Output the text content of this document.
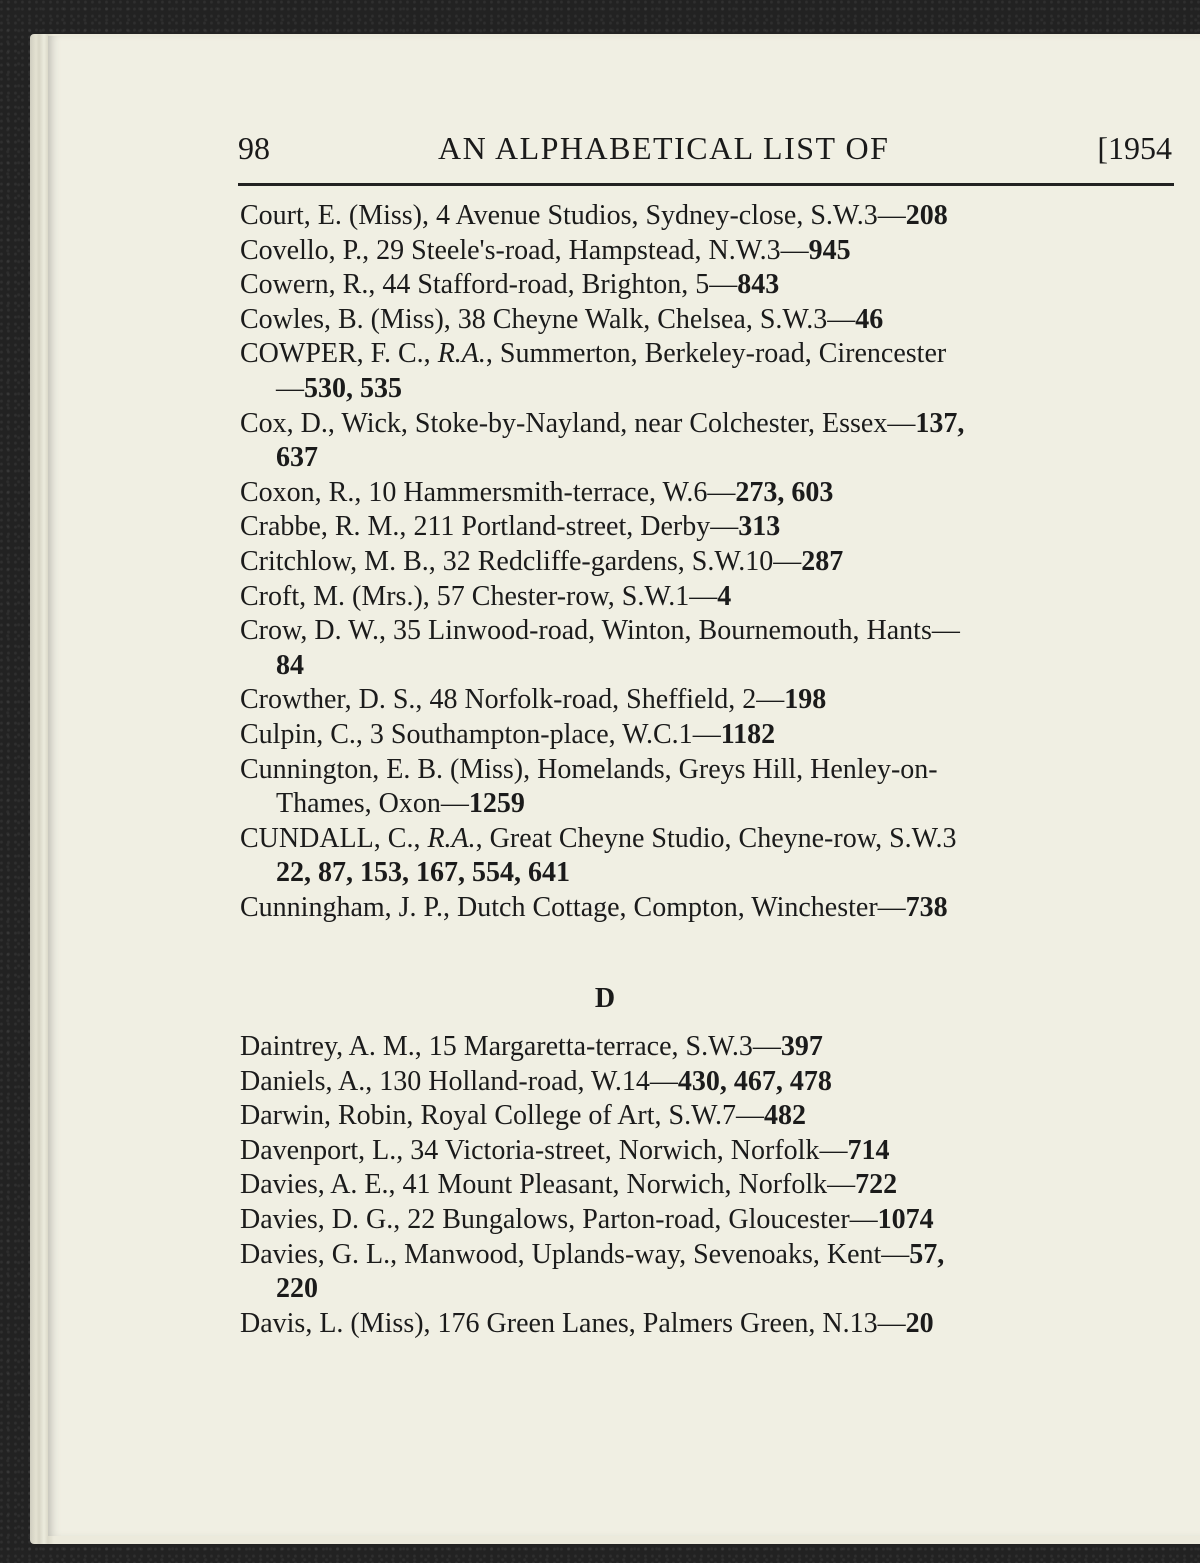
98	AN ALPHABETICAL LIST OF	[1954
Court, E. (Miss), 4 Avenue Studios, Sydney-close, S.W.3—208
Covello, P., 29 Steele's-road, Hampstead, N.W.3—945
Cowern, R., 44 Stafford-road, Brighton, 5—843
Cowles, B. (Miss), 38 Cheyne Walk, Chelsea, S.W.3—46
COWPER, F. C., R.A., Summerton, Berkeley-road, Cirencester
—530, 535
Cox, D., Wick, Stoke-by-Nayland, near Colchester, Essex—137,
637
Coxon, R., 10 Hammersmith-terrace, W.6—273, 603
Crabbe, R. M., 211 Portland-street, Derby—313
Critchlow, M. B., 32 Redcliffe-gardens, S.W.10—287
Croft, M. (Mrs.), 57 Chester-row, S.W.1—4
Crow, D. W., 35 Linwood-road, Winton, Bournemouth, Hants—
84
Crowther, D. S., 48 Norfolk-road, Sheffield, 2—198
Culpin, C., 3 Southampton-place, W.C.1—1182
Cunnington, E. B. (Miss), Homelands, Greys Hill, Henley-on-
Thames, Oxon—1259
CUNDALL, C., R.A., Great Cheyne Studio, Cheyne-row, S.W.3
22, 87, 153, 167, 554, 641
Cunningham, J. P., Dutch Cottage, Compton, Winchester—738
D
Daintrey, A. M., 15 Margaretta-terrace, S.W.3—397
Daniels, A., 130 Holland-road, W.14—430, 467, 478
Darwin, Robin, Royal College of Art, S.W.7—482
Davenport, L., 34 Victoria-street, Norwich, Norfolk—714
Davies, A. E., 41 Mount Pleasant, Norwich, Norfolk—722
Davies, D. G., 22 Bungalows, Parton-road, Gloucester—1074
Davies, G. L., Manwood, Uplands-way, Sevenoaks, Kent—57,
220
Davis, L. (Miss), 176 Green Lanes, Palmers Green, N.13—20
